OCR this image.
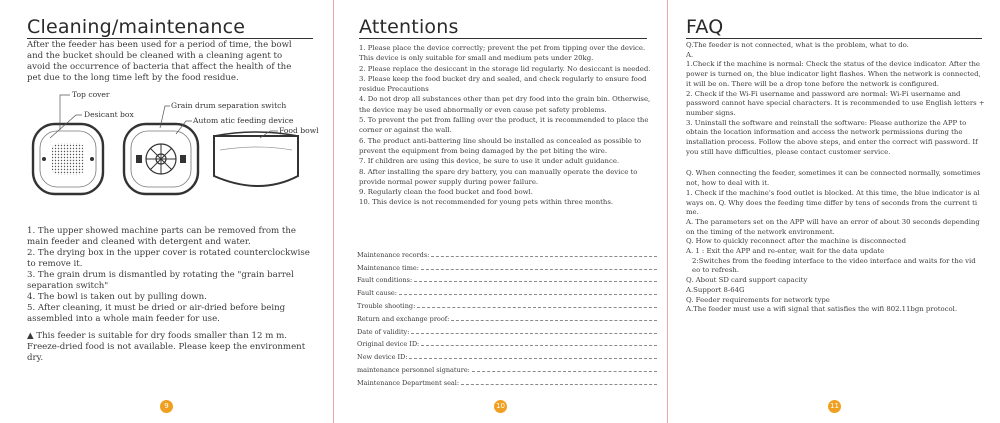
Cleaning/maintenance

After the feeder has been used for a period of time, the bowl and the bucket should be cleaned with a cleaning agent to avoid the occurrence of bacteria that affect the health of the pet due to the long time left by the food residue.

Top cover
Desicant box
Grain drum separation switch
Autom atic feeding device
Food bowl
1. The upper showed machine parts can be removed from the main feeder and cleaned with detergent and water.
2. The drying box in the upper cover is rotated counterclockwise to remove it.
3. The grain drum is dismantled by rotating the "grain barrel separation switch"
4. The bowl is taken out by pulling down.
5. After cleaning, it must be dried or air-dried before being assembled into a whole main feeder for use.

▲ This feeder is suitable for dry foods smaller than 12 m m. Freeze-dried food is not available. Please keep the environment dry.

9
Attentions
1. Please place the device correctly; prevent the pet from tipping over the device. This device is only suitable for small and medium pets under 20kg.
2. Please replace the desiccant in the storage lid regularly. No desiccant is needed.
3. Please keep the food bucket dry and sealed, and check regularly to ensure food residue Precautions
4. Do not drop all substances other than pet dry food into the grain bin. Otherwise, the device may be used abnormally or even cause pet safety problems.
5. To prevent the pet from falling over the product, it is recommended to place the corner or against the wall.
6. The product anti-battering line should be installed as concealed as possible to prevent the equipment from being damaged by the pet biting the wire.
7. If children are using this device, be sure to use it under adult guidance.
8. After installing the spare dry battery, you can manually operate the device to provide normal power supply during power failure.
9. Regularly clean the food bucket and food bowl.
10. This device is not recommended for young pets within three months.
Maintenance records:
Maintenance time:
Fault conditions:
Fault cause:
Trouble shooting:
Return and exchange proof:
Date of validity:
Original device ID:
New device ID:
maintenance personnel signature:
Maintenance Department seal:
10
FAQ
Q.The feeder is not connected, what is the problem, what to do.
A.
1.Check if the machine is normal: Check the status of the device indicator. After the power is turned on, the blue indicator light flashes. When the network is connected, it will be on. There will be a drop tone before the network is configured.
2. Check if the Wi-Fi username and password are normal: Wi-Fi username and password cannot have special characters. It is recommended to use English letters + number signs.
3. Uninstall the software and reinstall the software: Please authorize the APP to obtain the location information and access the network permissions during the installation process. Follow the above steps, and enter the correct wifi password. If you still have difficulties, please contact customer service.
Q. When connecting the feeder, sometimes it can be connected normally, sometimes not, how to deal with it.
1. Check if the machine's food outlet is blocked. At this time, the blue indicator is al ways on. Q. Why does the feeding time differ by tens of seconds from the current ti me.
A. The parameters set on the APP will have an error of about 30 seconds depending on the timing of the network environment.
Q. How to quickly reconnect after the machine is disconnected
A. 1 : Exit the APP and re-enter, wait for the data update
2:Switches from the feeding interface to the video interface and waits for the vid eo to refresh.
Q. About SD card support capacity
A.Support 8-64G
Q. Feeder requirements for network type
A.The feeder must use a wifi signal that satisfies the wifi 802.11bgn protocol.
11
